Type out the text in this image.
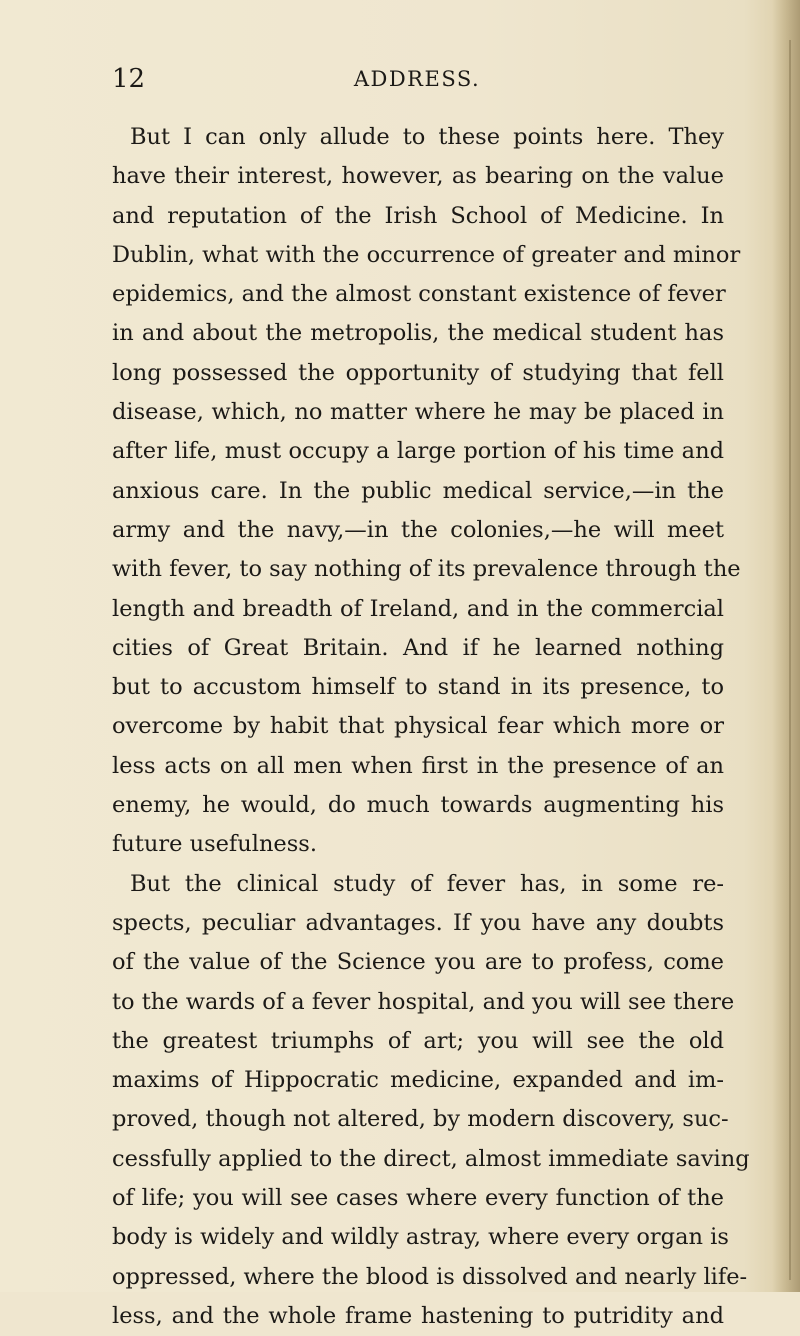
12	ADDRESS.
But I can only allude to these points here. They
have their interest, however, as bearing on the value
and reputation of the Irish School of Medicine. In
Dublin, what with the occurrence of greater and minor
epidemics, and the almost constant existence of fever
in and about the metropolis, the medical student has
long possessed the opportunity of studying that fell
disease, which, no matter where he may be placed in
after life, must occupy a large portion of his time and
anxious care. In the public medical service,—in the
army and the navy,—in the colonies,—he will meet
with fever, to say nothing of its prevalence through the
length and breadth of Ireland, and in the commercial
cities of Great Britain. And if he learned nothing
but to accustom himself to stand in its presence, to
overcome by habit that physical fear which more or
less acts on all men when first in the presence of an
enemy, he would, do much towards augmenting his
future usefulness.
But the clinical study of fever has, in some re-
spects, peculiar advantages. If you have any doubts
of the value of the Science you are to profess, come
to the wards of a fever hospital, and you will see there
the greatest triumphs of art; you will see the old
maxims of Hippocratic medicine, expanded and im-
proved, though not altered, by modern discovery, suc-
cessfully applied to the direct, almost immediate saving
of life; you will see cases where every function of the
body is widely and wildly astray, where every organ is
oppressed, where the blood is dissolved and nearly life-
less, and the whole frame hastening to putridity and
